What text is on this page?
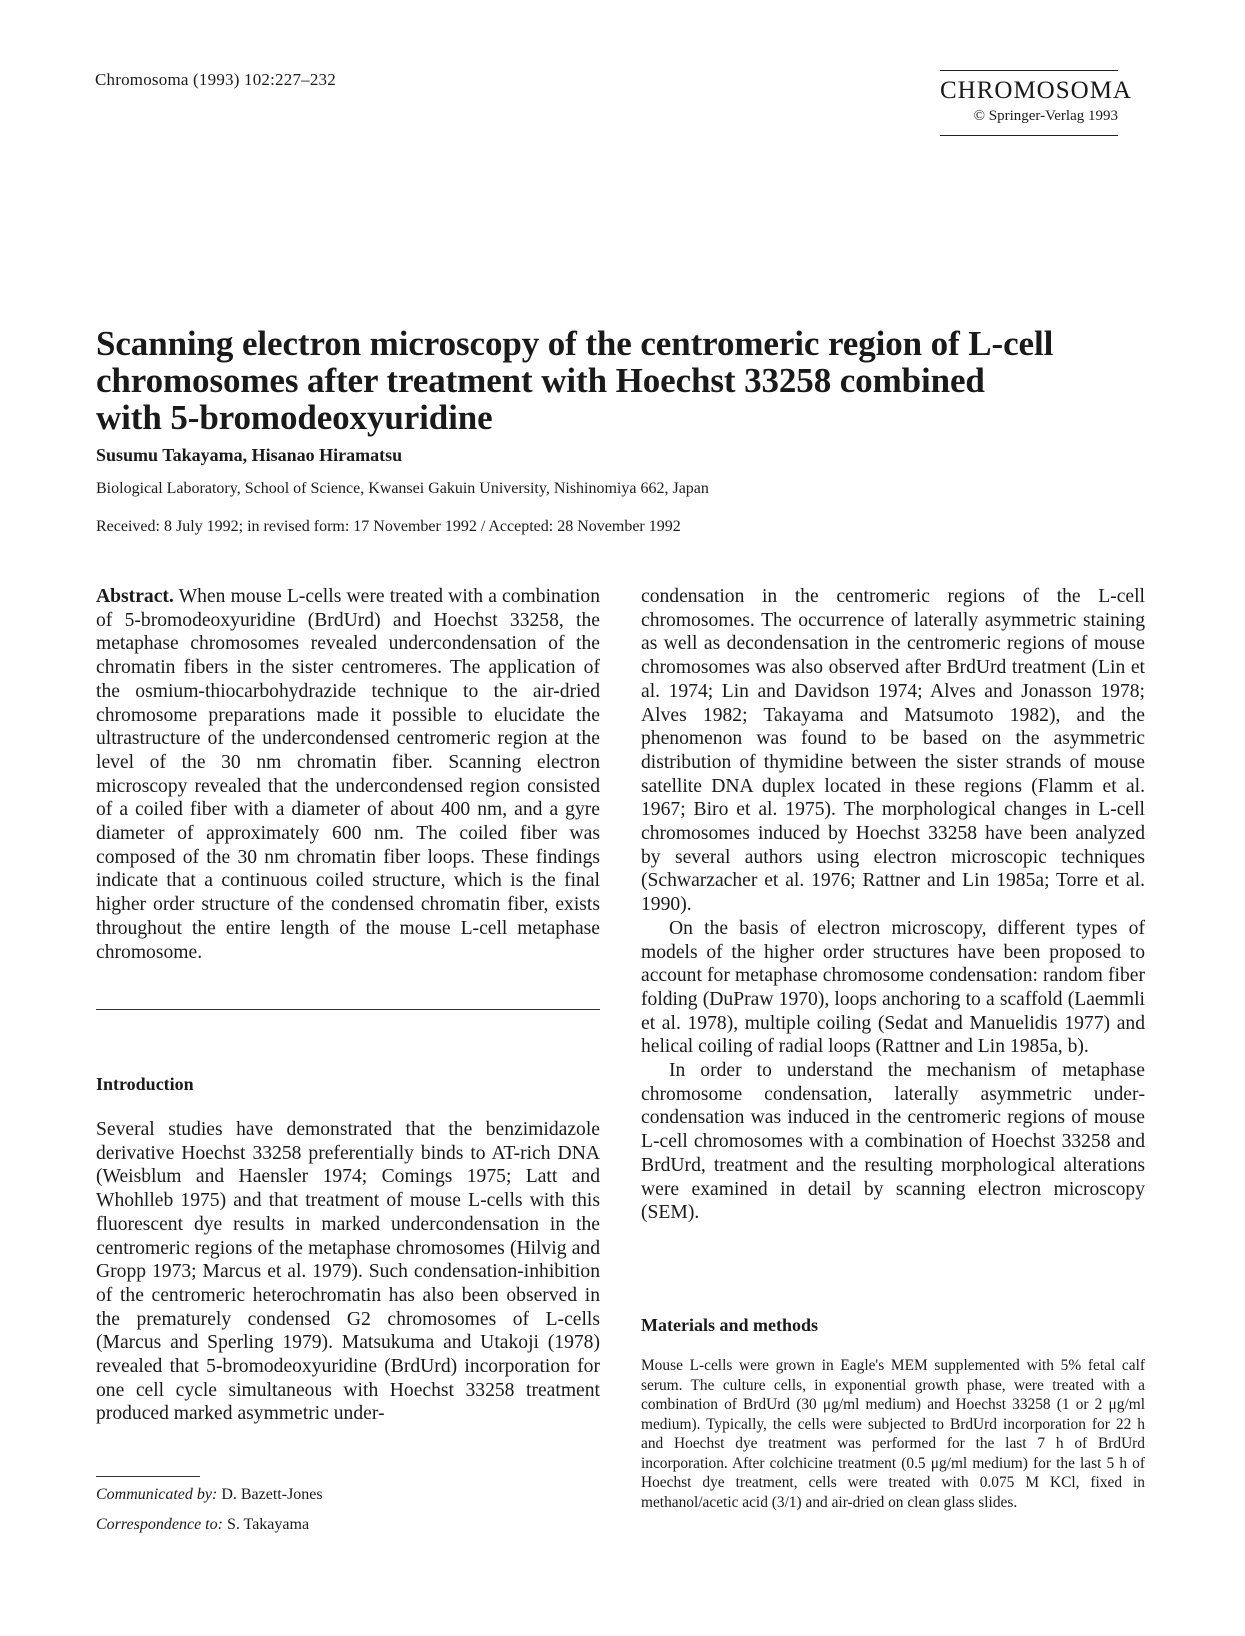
Chromosoma (1993) 102:227–232	CHROMOSOMA
© Springer-Verlag 1993
Scanning electron microscopy of the centromeric region of L-cell chromosomes after treatment with Hoechst 33258 combined with 5-bromodeoxyuridine
Susumu Takayama, Hisanao Hiramatsu
Biological Laboratory, School of Science, Kwansei Gakuin University, Nishinomiya 662, Japan
Received: 8 July 1992; in revised form: 17 November 1992 / Accepted: 28 November 1992

Abstract. When mouse L-cells were treated with a combination of 5-bromodeoxyuridine (BrdUrd) and Hoechst 33258, the metaphase chromosomes revealed undercondensation of the chromatin fibers in the sister centromeres. The application of the osmium-thiocarbohydrazide technique to the air-dried chromosome preparations made it possible to elucidate the ultrastructure of the undercondensed centromeric region at the level of the 30 nm chromatin fiber. Scanning electron microscopy revealed that the undercondensed region consisted of a coiled fiber with a diameter of about 400 nm, and a gyre diameter of approximately 600 nm. The coiled fiber was composed of the 30 nm chromatin fiber loops. These findings indicate that a continuous coiled structure, which is the final higher order structure of the condensed chromatin fiber, exists throughout the entire length of the mouse L-cell metaphase chromosome.

Introduction

Several studies have demonstrated that the benzimidazole derivative Hoechst 33258 preferentially binds to AT-rich DNA (Weisblum and Haensler 1974; Comings 1975; Latt and Whohlleb 1975) and that treatment of mouse L-cells with this fluorescent dye results in marked undercondensation in the centromeric regions of the metaphase chromosomes (Hilvig and Gropp 1973; Marcus et al. 1979). Such condensation-inhibition of the centromeric heterochromatin has also been observed in the prematurely condensed G2 chromosomes of L-cells (Marcus and Sperling 1979). Matsukuma and Utakoji (1978) revealed that 5-bromodeoxyuridine (BrdUrd) incorporation for one cell cycle simultaneous with Hoechst 33258 treatment produced marked asymmetric under-

condensation in the centromeric regions of the L-cell chromosomes. The occurrence of laterally asymmetric staining as well as decondensation in the centromeric regions of mouse chromosomes was also observed after BrdUrd treatment (Lin et al. 1974; Lin and Davidson 1974; Alves and Jonasson 1978; Alves 1982; Takayama and Matsumoto 1982), and the phenomenon was found to be based on the asymmetric distribution of thymidine between the sister strands of mouse satellite DNA duplex located in these regions (Flamm et al. 1967; Biro et al. 1975). The morphological changes in L-cell chromosomes induced by Hoechst 33258 have been analyzed by several authors using electron microscopic techniques (Schwarzacher et al. 1976; Rattner and Lin 1985a; Torre et al. 1990).

On the basis of electron microscopy, different types of models of the higher order structures have been proposed to account for metaphase chromosome condensation: random fiber folding (DuPraw 1970), loops anchoring to a scaffold (Laemmli et al. 1978), multiple coiling (Sedat and Manuelidis 1977) and helical coiling of radial loops (Rattner and Lin 1985a, b).

In order to understand the mechanism of metaphase chromosome condensation, laterally asymmetric undercondensation was induced in the centromeric regions of mouse L-cell chromosomes with a combination of Hoechst 33258 and BrdUrd, treatment and the resulting morphological alterations were examined in detail by scanning electron microscopy (SEM).

Materials and methods

Mouse L-cells were grown in Eagle's MEM supplemented with 5% fetal calf serum. The culture cells, in exponential growth phase, were treated with a combination of BrdUrd (30 μg/ml medium) and Hoechst 33258 (1 or 2 μg/ml medium). Typically, the cells were subjected to BrdUrd incorporation for 22 h and Hoechst dye treatment was performed for the last 7 h of BrdUrd incorporation. After colchicine treatment (0.5 μg/ml medium) for the last 5 h of Hoechst dye treatment, cells were treated with 0.075 M KCl, fixed in methanol/acetic acid (3/1) and air-dried on clean glass slides.

Communicated by: D. Bazett-Jones
Correspondence to: S. Takayama
